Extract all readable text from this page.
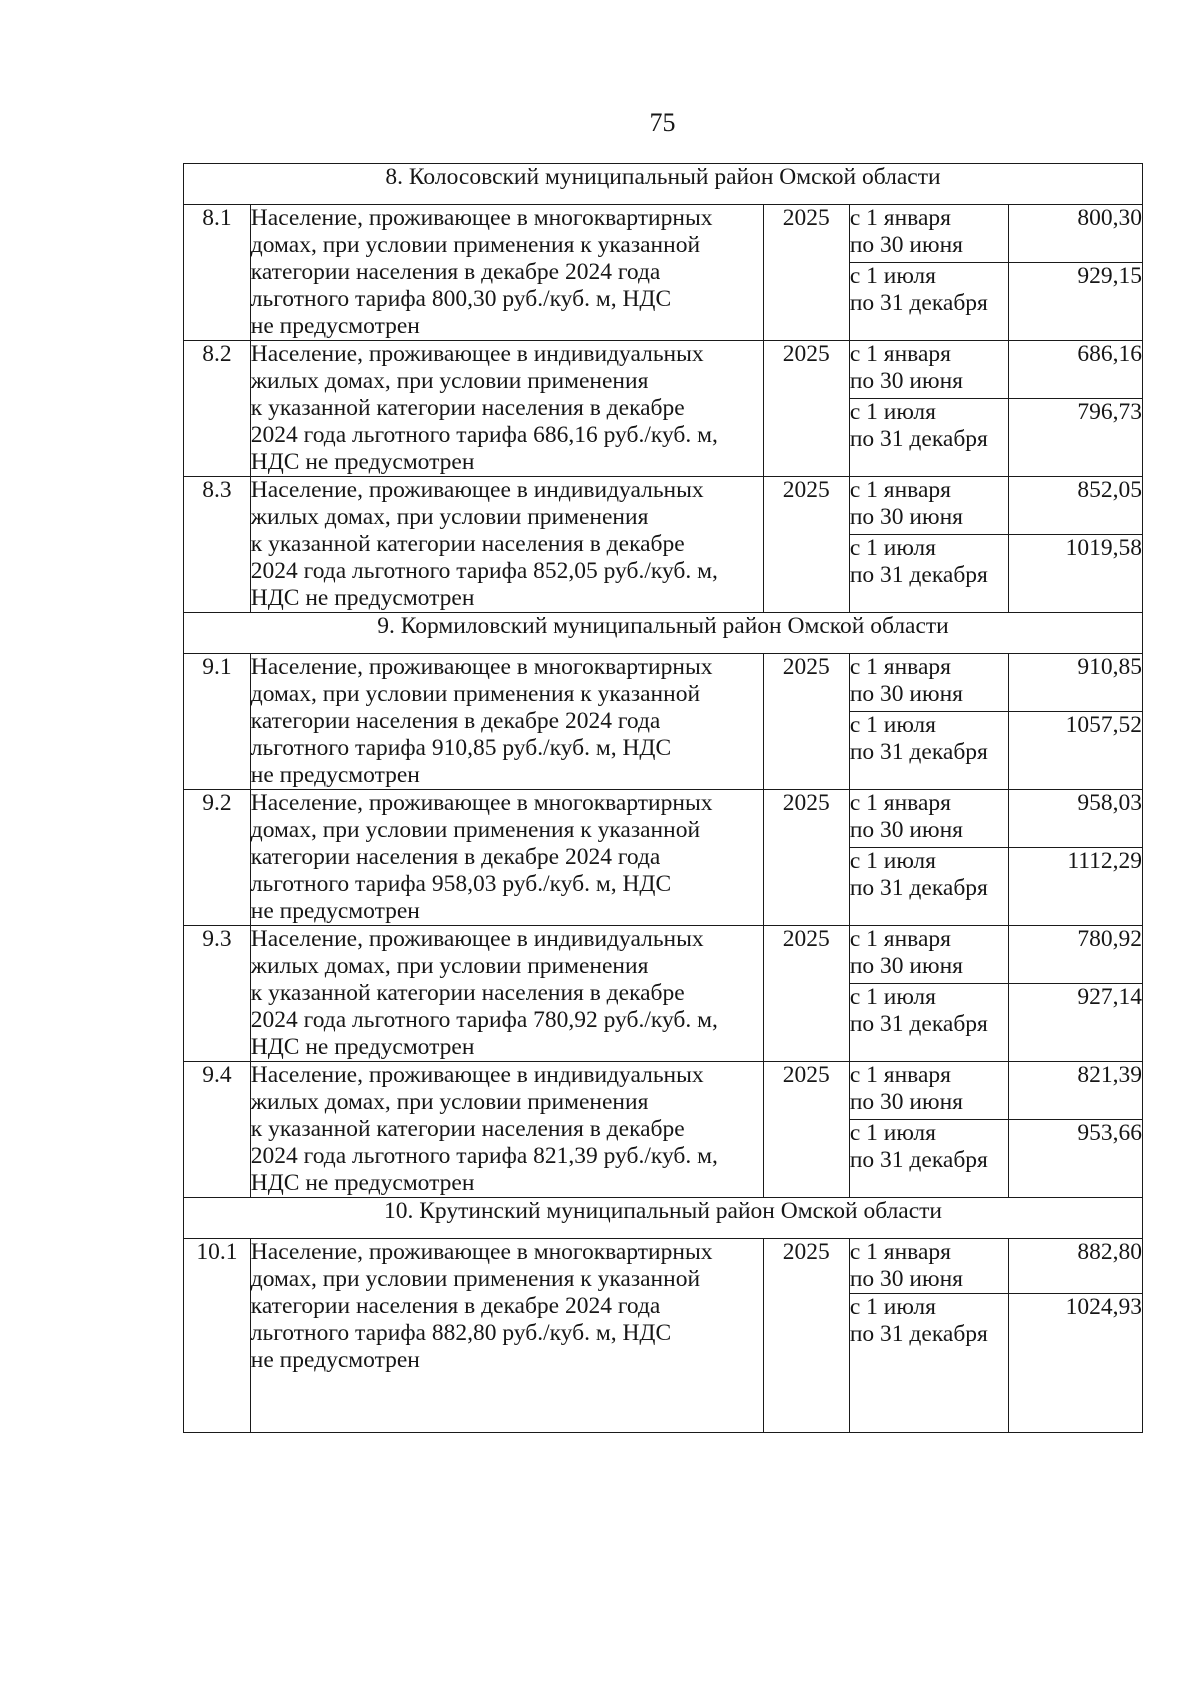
75
8. Колосовский муниципальный район Омской области				
8.1	Население, проживающее в многоквартирных
домах, при условии применения к указанной
категории населения в декабре 2024 года
льготного тарифа 800,30 руб./куб. м, НДС
не предусмотрен	2025	с 1 января
по 30 июня	800,30

			с 1 июля
по 31 декабря	929,15
8.2	Население, проживающее в индивидуальных
жилых домах, при условии применения
к указанной категории населения в декабре
2024 года льготного тарифа 686,16 руб./куб. м,
НДС не предусмотрен	2025	с 1 января
по 30 июня	686,16

			с 1 июля
по 31 декабря	796,73
8.3	Население, проживающее в индивидуальных
жилых домах, при условии применения
к указанной категории населения в декабре
2024 года льготного тарифа 852,05 руб./куб. м,
НДС не предусмотрен	2025	с 1 января
по 30 июня	852,05

			с 1 июля
по 31 декабря	1019,58
9. Кормиловский муниципальный район Омской области				
9.1	Население, проживающее в многоквартирных
домах, при условии применения к указанной
категории населения в декабре 2024 года
льготного тарифа 910,85 руб./куб. м, НДС
не предусмотрен	2025	с 1 января
по 30 июня	910,85

			с 1 июля
по 31 декабря	1057,52
9.2	Население, проживающее в многоквартирных
домах, при условии применения к указанной
категории населения в декабре 2024 года
льготного тарифа 958,03 руб./куб. м, НДС
не предусмотрен	2025	с 1 января
по 30 июня	958,03

			с 1 июля
по 31 декабря	1112,29
9.3	Население, проживающее в индивидуальных
жилых домах, при условии применения
к указанной категории населения в декабре
2024 года льготного тарифа 780,92 руб./куб. м,
НДС не предусмотрен	2025	с 1 января
по 30 июня	780,92

			с 1 июля
по 31 декабря	927,14
9.4	Население, проживающее в индивидуальных
жилых домах, при условии применения
к указанной категории населения в декабре
2024 года льготного тарифа 821,39 руб./куб. м,
НДС не предусмотрен	2025	с 1 января
по 30 июня	821,39

			с 1 июля
по 31 декабря	953,66
10. Крутинский муниципальный район Омской области				
10.1	Население, проживающее в многоквартирных
домах, при условии применения к указанной
категории населения в декабре 2024 года
льготного тарифа 882,80 руб./куб. м, НДС
не предусмотрен	2025	с 1 января
по 30 июня	882,80

			с 1 июля
по 31 декабря	1024,93
